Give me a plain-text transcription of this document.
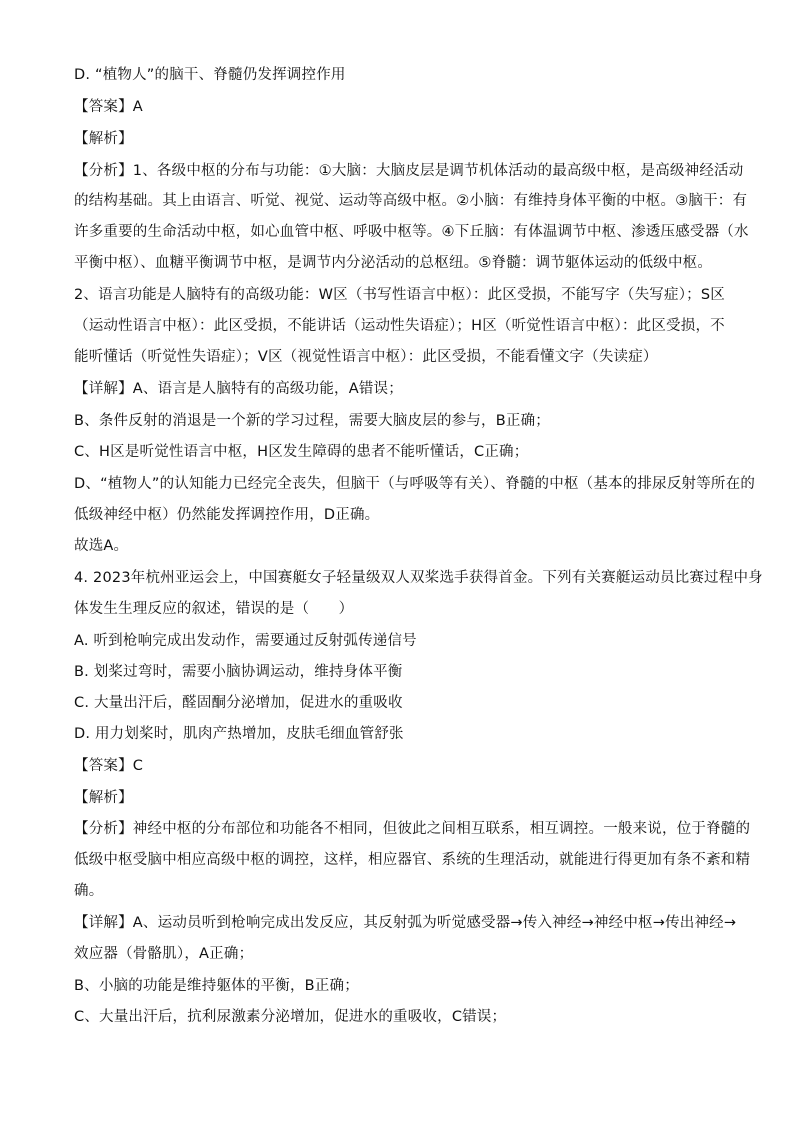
D. “植物人”的脑干、脊髓仍发挥调控作用
【答案】A
【解析】
【分析】1、各级中枢的分布与功能：①大脑：大脑皮层是调节机体活动的最高级中枢，是高级神经活动
的结构基础。其上由语言、听觉、视觉、运动等高级中枢。②小脑：有维持身体平衡的中枢。③脑干：有
许多重要的生命活动中枢，如心血管中枢、呼吸中枢等。④下丘脑：有体温调节中枢、渗透压感受器（水
平衡中枢）、血糖平衡调节中枢，是调节内分泌活动的总枢纽。⑤脊髓：调节躯体运动的低级中枢。
2、语言功能是人脑特有的高级功能：W区（书写性语言中枢）：此区受损，不能写字（失写症）；S区
（运动性语言中枢）：此区受损，不能讲话（运动性失语症）；H区（听觉性语言中枢）：此区受损，不
能听懂话（听觉性失语症）；V区（视觉性语言中枢）：此区受损，不能看懂文字（失读症）
【详解】A、语言是人脑特有的高级功能，A错误；
B、条件反射的消退是一个新的学习过程，需要大脑皮层的参与，B正确；
C、H区是听觉性语言中枢，H区发生障碍的患者不能听懂话，C正确；
D、“植物人”的认知能力已经完全丧失，但脑干（与呼吸等有关）、脊髓的中枢（基本的排尿反射等所在的
低级神经中枢）仍然能发挥调控作用，D正确。
故选A。
4. 2023年杭州亚运会上，中国赛艇女子轻量级双人双桨选手获得首金。下列有关赛艇运动员比赛过程中身
体发生生理反应的叙述，错误的是（　　）
A. 听到枪响完成出发动作，需要通过反射弧传递信号
B. 划桨过弯时，需要小脑协调运动，维持身体平衡
C. 大量出汗后，醛固酮分泌增加，促进水的重吸收
D. 用力划桨时，肌肉产热增加，皮肤毛细血管舒张
【答案】C
【解析】
【分析】神经中枢的分布部位和功能各不相同，但彼此之间相互联系，相互调控。一般来说，位于脊髓的
低级中枢受脑中相应高级中枢的调控，这样，相应器官、系统的生理活动，就能进行得更加有条不紊和精
确。
【详解】A、运动员听到枪响完成出发反应，其反射弧为听觉感受器→传入神经→神经中枢→传出神经→
效应器（骨骼肌），A正确；
B、小脑的功能是维持躯体的平衡，B正确；
C、大量出汗后，抗利尿激素分泌增加，促进水的重吸收，C错误；
